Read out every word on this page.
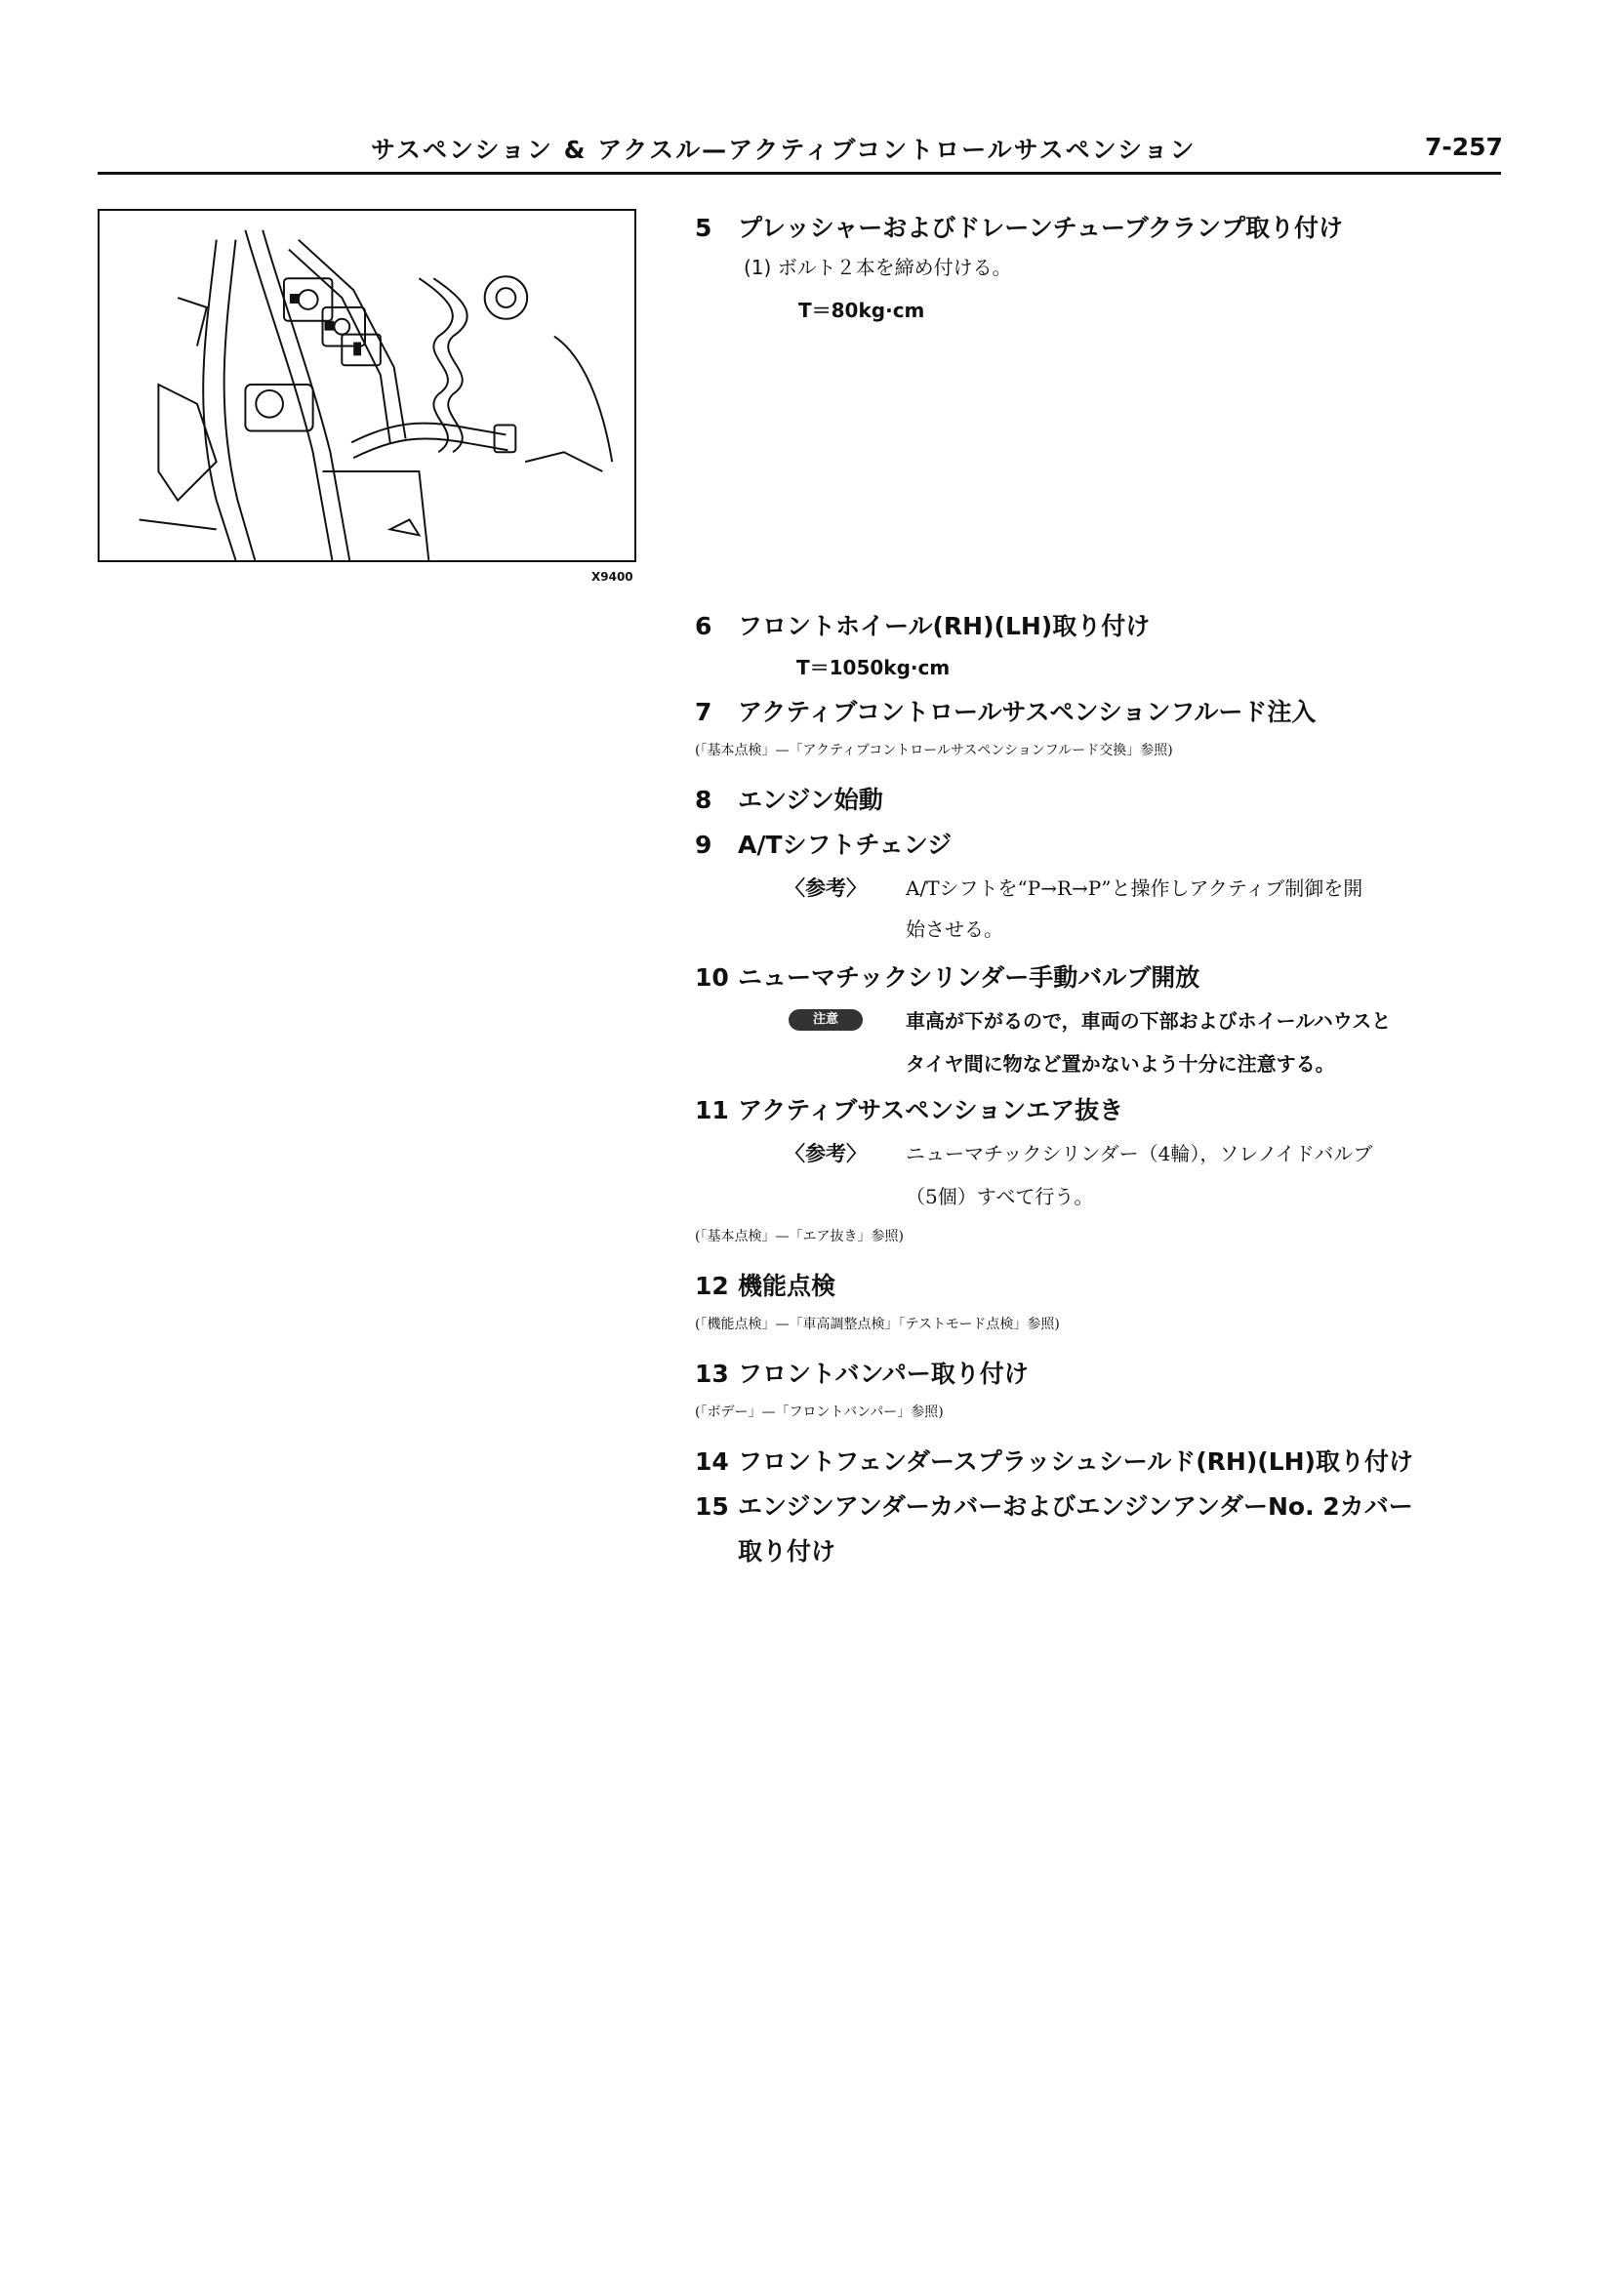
サスペンション & アクスル—アクティブコントロールサスペンション	7-257
X9400
5 プレッシャーおよびドレーンチューブクランプ取り付け
(1) ボルト２本を締め付ける。
T＝80kg·cm
6 フロントホイール(RH)(LH)取り付け
T＝1050kg·cm
7 アクティブコントロールサスペンションフルード注入
(「基本点検」—「アクティブコントロールサスペンションフルード交換」参照)
8 エンジン始動
9 A/Tシフトチェンジ
〈参考〉 A/Tシフトを“P→R→P”と操作しアクティブ制御を開
始させる。
10 ニューマチックシリンダー手動バルブ開放
注意	車高が下がるので，車両の下部およびホイールハウスと
タイヤ間に物など置かないよう十分に注意する。
11 アクティブサスペンションエア抜き
〈参考〉 ニューマチックシリンダー（4輪），ソレノイドバルブ
（5個）すべて行う。
(「基本点検」—「エア抜き」参照)
12 機能点検
(「機能点検」—「車高調整点検」「テストモード点検」参照)
13 フロントバンパー取り付け
(「ボデー」—「フロントバンパー」参照)
14 フロントフェンダースプラッシュシールド(RH)(LH)取り付け
15 エンジンアンダーカバーおよびエンジンアンダーNo. 2カバー
取り付け
